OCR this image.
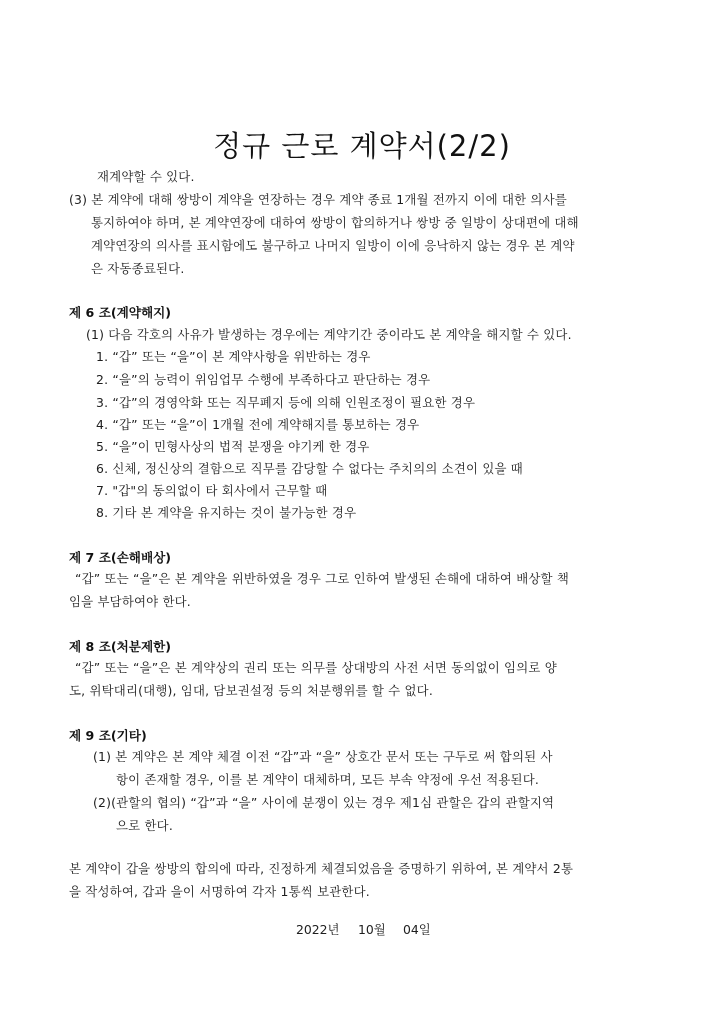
정규 근로 계약서(2/2)
재계약할 수 있다.
(3) 본 계약에 대해 쌍방이 계약을 연장하는 경우 계약 종료 1개월 전까지 이에 대한 의사를
통지하여야 하며, 본 계약연장에 대하여 쌍방이 합의하거나 쌍방 중 일방이 상대편에 대해
계약연장의 의사를 표시함에도 불구하고 나머지 일방이 이에 응낙하지 않는 경우 본 계약
은 자동종료된다.
제 6 조(계약해지)
(1) 다음 각호의 사유가 발생하는 경우에는 계약기간 중이라도 본 계약을 해지할 수 있다.
1. “갑” 또는 “을”이 본 계약사항을 위반하는 경우
2. “을”의 능력이 위임업무 수행에 부족하다고 판단하는 경우
3. “갑”의 경영악화 또는 직무폐지 등에 의해 인원조정이 필요한 경우
4. “갑” 또는 “을”이 1개월 전에 계약해지를 통보하는 경우
5. “을”이 민형사상의 법적 분쟁을 야기케 한 경우
6. 신체, 정신상의 결함으로 직무를 감당할 수 없다는 주치의의 소견이 있을 때
7. "갑"의 동의없이 타 회사에서 근무할 때
8. 기타 본 계약을 유지하는 것이 불가능한 경우
제 7 조(손해배상)
“갑” 또는 “을”은 본 계약을 위반하였을 경우 그로 인하여 발생된 손해에 대하여 배상할 책
임을 부담하여야 한다.
제 8 조(처분제한)
“갑” 또는 “을”은 본 계약상의 권리 또는 의무를 상대방의 사전 서면 동의없이 임의로 양
도, 위탁대리(대행), 임대, 담보권설정 등의 처분행위를 할 수 없다.
제 9 조(기타)
(1) 본 계약은 본 계약 체결 이전 “갑”과 “을” 상호간 문서 또는 구두로 써 합의된 사
항이 존재할 경우, 이를 본 계약이 대체하며, 모든 부속 약정에 우선 적용된다.
(2)(관할의 협의) “갑”과 “을” 사이에 분쟁이 있는 경우 제1심 관할은 갑의 관할지역
으로 한다.
본 계약이 갑을 쌍방의 합의에 따라, 진정하게 체결되었음을 증명하기 위하여, 본 계약서 2통
을 작성하여, 갑과 을이 서명하여 각자 1통씩 보관한다.
2022년 10월 04일
